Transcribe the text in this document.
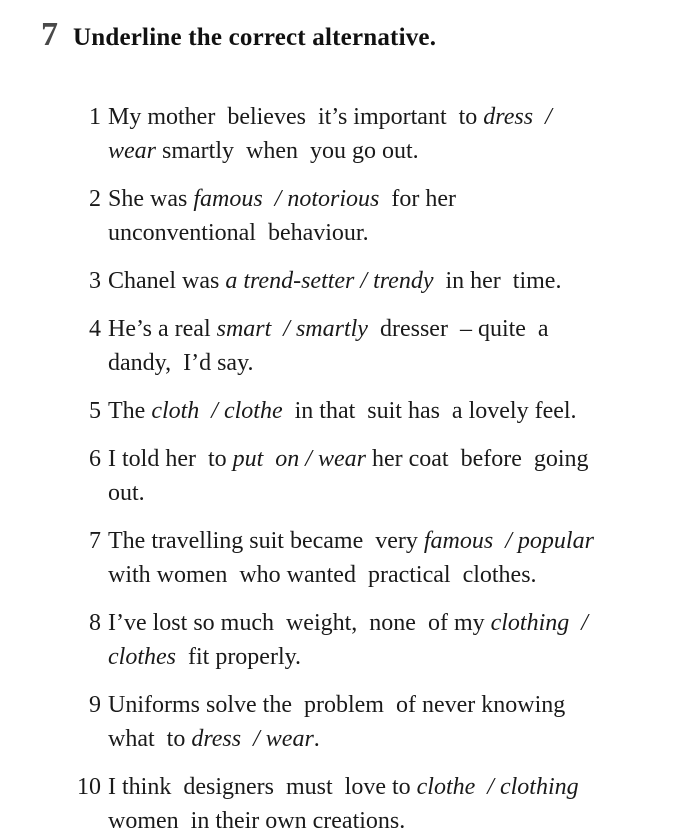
7 Underline the correct alternative.
1 My mother  believes  it’s important  to dress  /
wear smartly  when  you go out.
2 She was famous  / notorious  for her
unconventional  behaviour.
3 Chanel was a trend-setter / trendy  in her  time.
4 He’s a real smart  / smartly  dresser  – quite  a
dandy,  I’d say.
5 The cloth  / clothe  in that  suit has  a lovely feel.
6 I told her  to put  on / wear her coat  before  going
out.
7 The travelling suit became  very famous  / popular
with women  who wanted  practical  clothes.
8 I’ve lost so much  weight,  none  of my clothing  /
clothes  fit properly.
9 Uniforms solve the  problem  of never knowing
what  to dress  / wear.
10 I think  designers  must  love to clothe  / clothing
women  in their own creations.
